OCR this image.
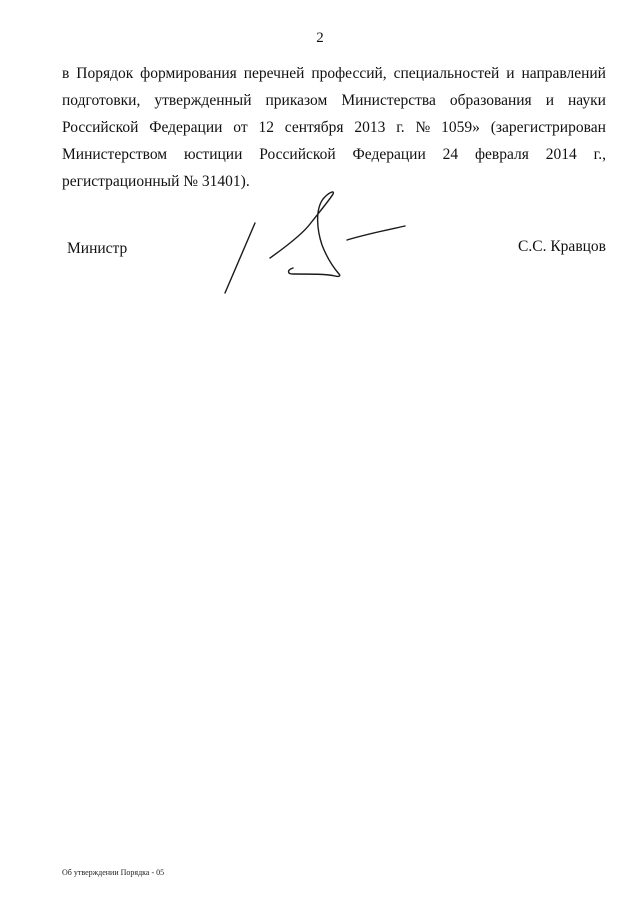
2
в Порядок формирования перечней профессий, специальностей и направлений
подготовки, утвержденный приказом Министерства образования и науки
Российской Федерации от 12 сентября 2013 г. № 1059» (зарегистрирован
Министерством юстиции Российской Федерации 24 февраля 2014 г.,
регистрационный № 31401).
Министр	С.С. Кравцов
Об утверждении Порядка - 05
